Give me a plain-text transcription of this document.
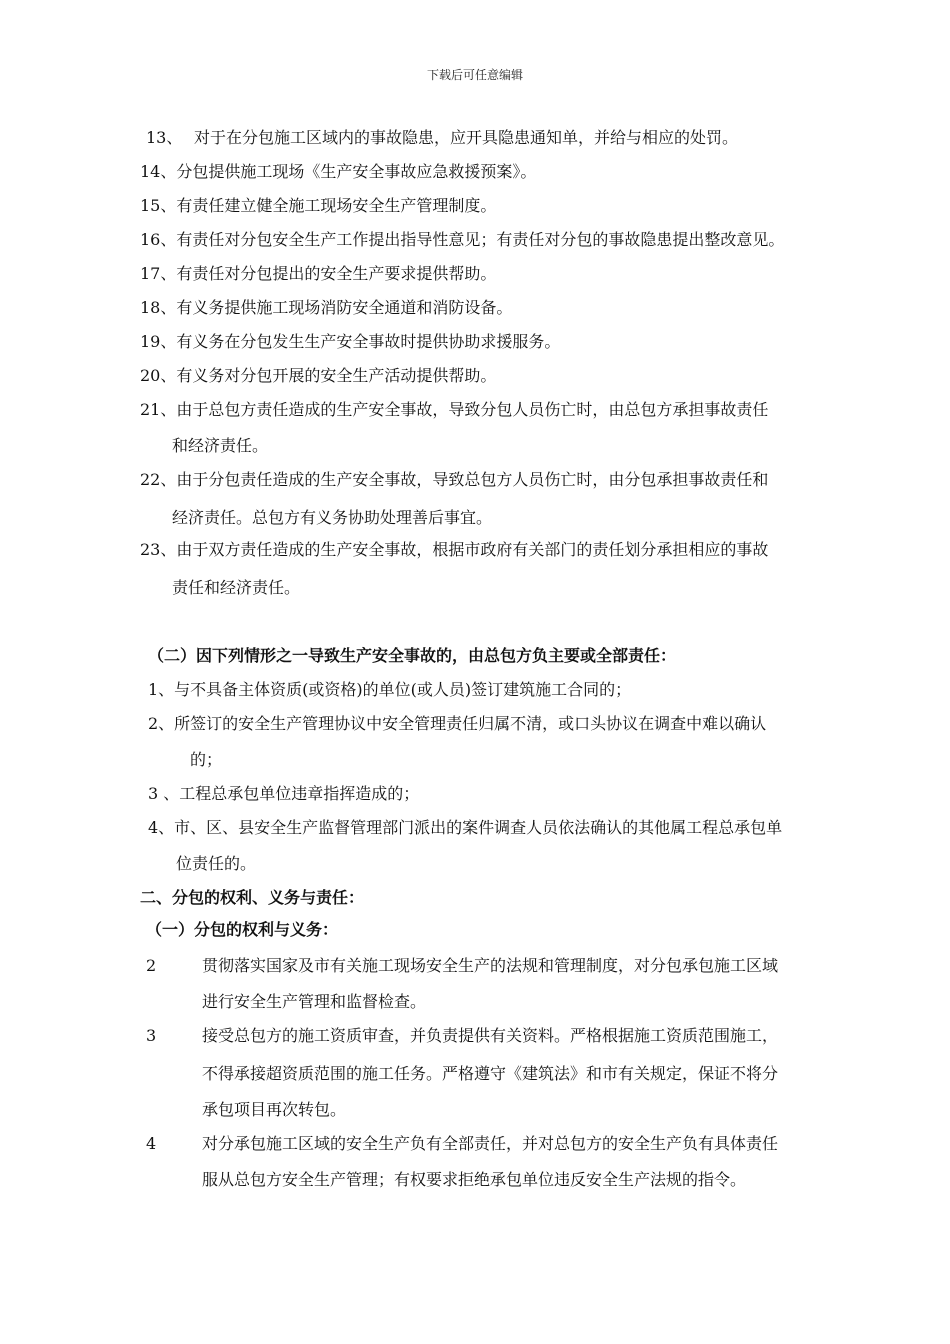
下载后可任意编辑
13、 对于在分包施工区域内的事故隐患，应开具隐患通知单，并给与相应的处罚。
14、分包提供施工现场《生产安全事故应急救援预案》。
15、有责任建立健全施工现场安全生产管理制度。
16、有责任对分包安全生产工作提出指导性意见；有责任对分包的事故隐患提出整改意见。
17、有责任对分包提出的安全生产要求提供帮助。
18、有义务提供施工现场消防安全通道和消防设备。
19、有义务在分包发生生产安全事故时提供协助求援服务。
20、有义务对分包开展的安全生产活动提供帮助。
21、由于总包方责任造成的生产安全事故，导致分包人员伤亡时，由总包方承担事故责任
和经济责任。
22、由于分包责任造成的生产安全事故，导致总包方人员伤亡时，由分包承担事故责任和
经济责任。总包方有义务协助处理善后事宜。
23、由于双方责任造成的生产安全事故，根据市政府有关部门的责任划分承担相应的事故
责任和经济责任。
（二）因下列情形之一导致生产安全事故的，由总包方负主要或全部责任：
1、与不具备主体资质(或资格)的单位(或人员)签订建筑施工合同的；
2、所签订的安全生产管理协议中安全管理责任归属不清，或口头协议在调查中难以确认
的；
3 、工程总承包单位违章指挥造成的；
4、市、区、县安全生产监督管理部门派出的案件调查人员依法确认的其他属工程总承包单
位责任的。
二、分包的权利、义务与责任：
（一）分包的权利与义务：
2	贯彻落实国家及市有关施工现场安全生产的法规和管理制度，对分包承包施工区域
进行安全生产管理和监督检查。
3	接受总包方的施工资质审查，并负责提供有关资料。严格根据施工资质范围施工，
不得承接超资质范围的施工任务。严格遵守《建筑法》和市有关规定，保证不将分
承包项目再次转包。
4	对分承包施工区域的安全生产负有全部责任，并对总包方的安全生产负有具体责任
服从总包方安全生产管理；有权要求拒绝承包单位违反安全生产法规的指令。
